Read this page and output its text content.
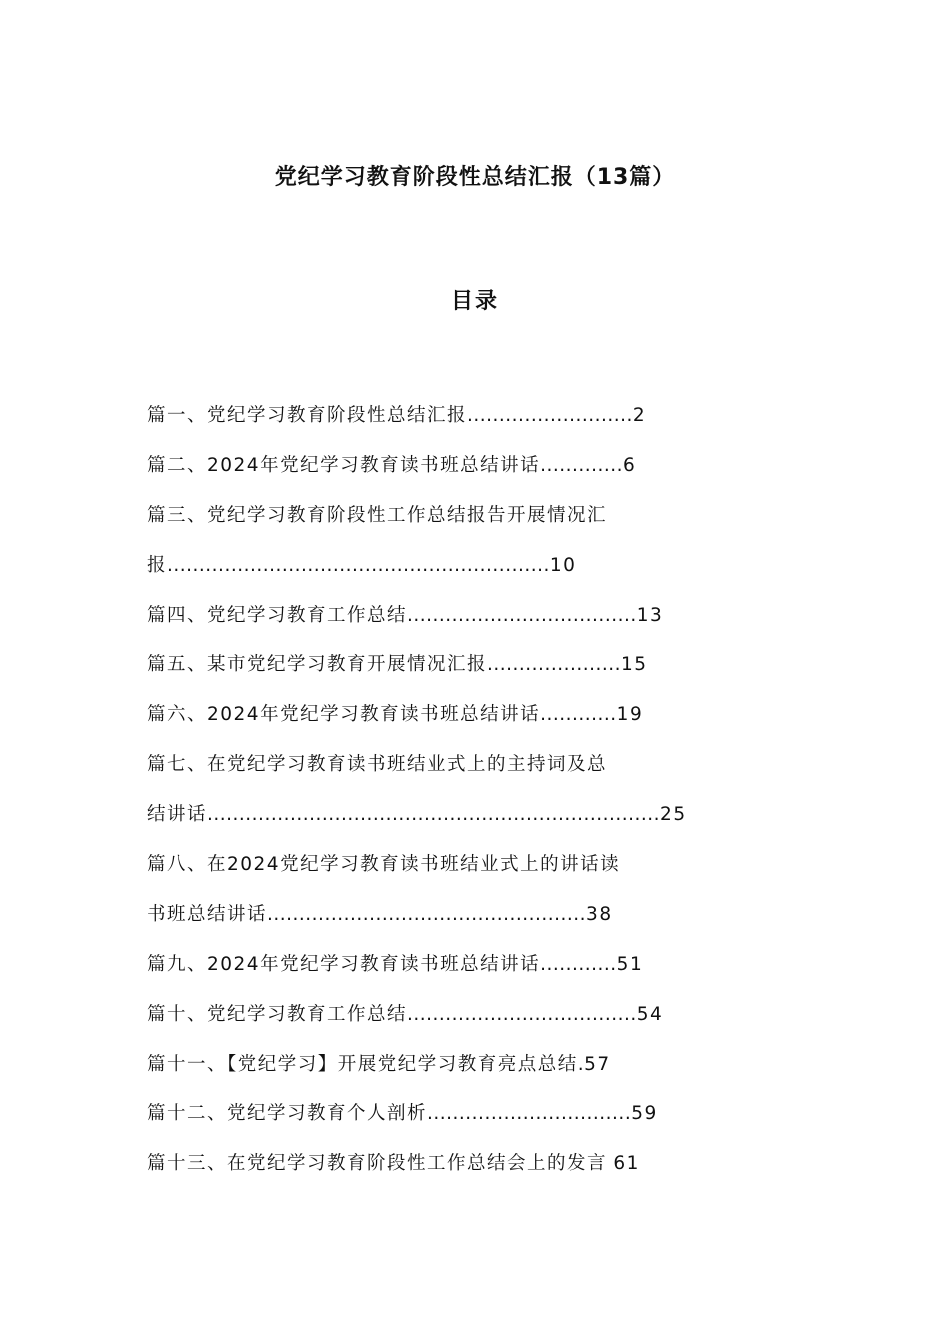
党纪学习教育阶段性总结汇报（13篇）
目录
篇一、党纪学习教育阶段性总结汇报..........................2
篇二、2024年党纪学习教育读书班总结讲话.............6
篇三、党纪学习教育阶段性工作总结报告开展情况汇
报............................................................10
篇四、党纪学习教育工作总结....................................13
篇五、某市党纪学习教育开展情况汇报.....................15
篇六、2024年党纪学习教育读书班总结讲话............19
篇七、在党纪学习教育读书班结业式上的主持词及总
结讲话.......................................................................25
篇八、在2024党纪学习教育读书班结业式上的讲话读
书班总结讲话..................................................38
篇九、2024年党纪学习教育读书班总结讲话............51
篇十、党纪学习教育工作总结....................................54
篇十一、【党纪学习】开展党纪学习教育亮点总结.57
篇十二、党纪学习教育个人剖析................................59
篇十三、在党纪学习教育阶段性工作总结会上的发言 61
